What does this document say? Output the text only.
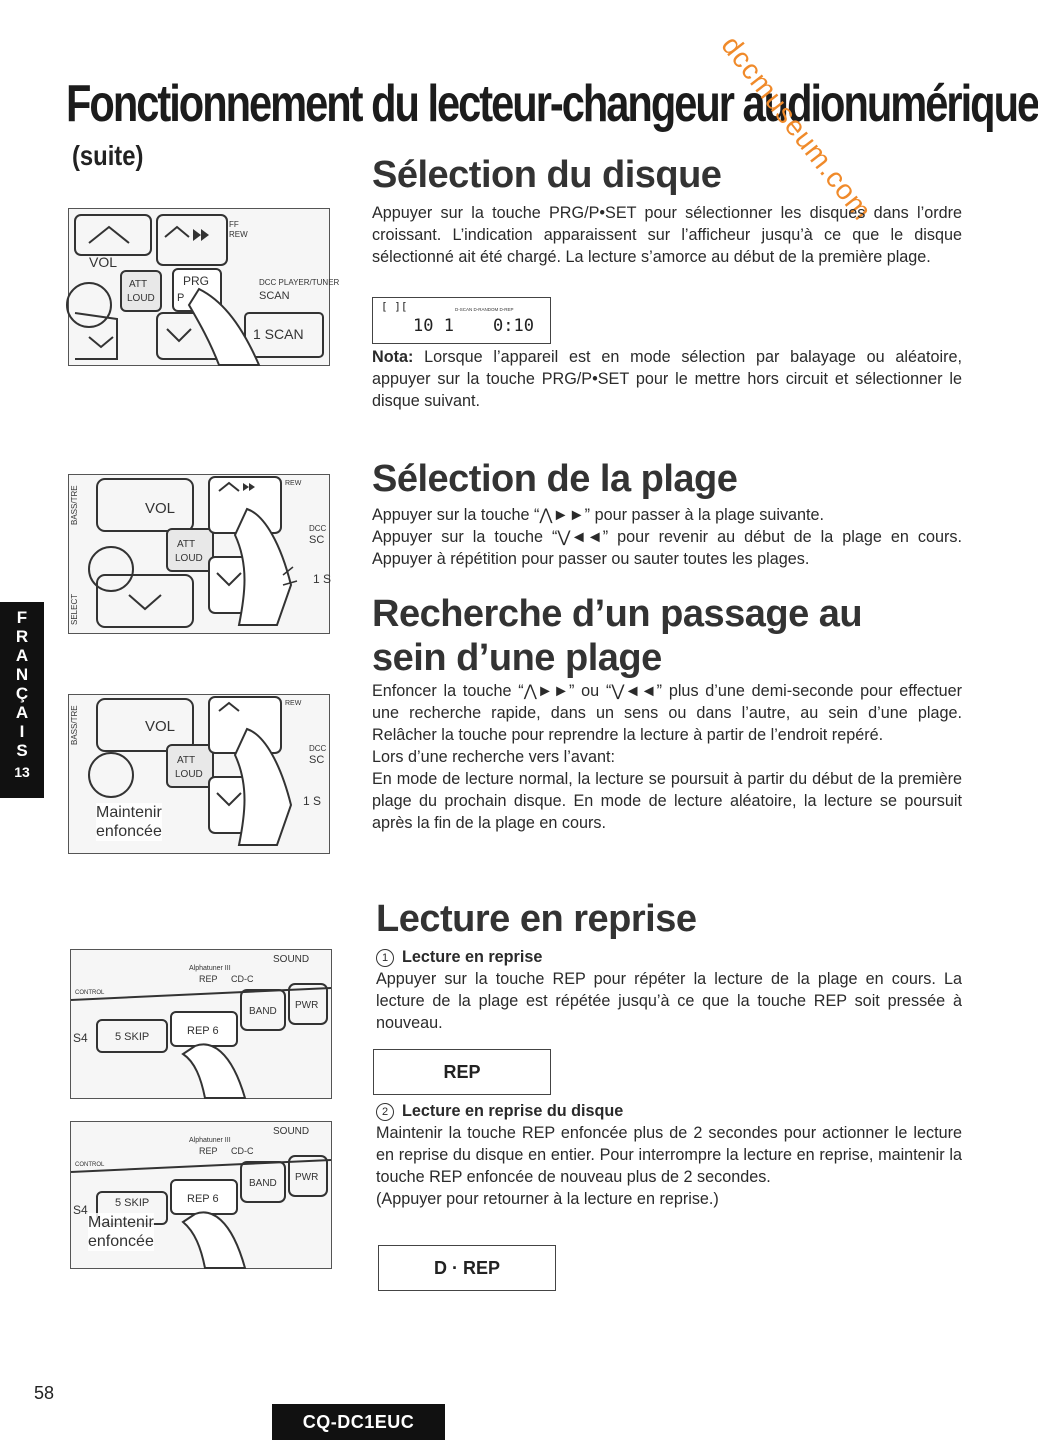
Fonctionnement du lecteur-changeur audionumérique
(suite)	dccmuseum.com
F
R
A
N
Ç
A
I
S
13
VOL
ATT
LOUD
PRG
P
FF
REW
DCC PLAYER/TUNER
SCAN
1 SCAN
Sélection du disque
Appuyer sur la touche PRG/P•SET pour sélectionner les disques dans l’ordre croissant. L’indication apparaissent sur l’afficheur jusqu’à ce que le disque sélectionné ait été chargé. La lecture s’amorce au début de la première plage.
[ ][	D-SCAN D-RANDOM D-REP
10 1 0:10
Nota: Lorsque l’appareil est en mode sélection par balayage ou aléatoire, appuyer sur la touche PRG/P•SET pour le mettre hors circuit et sélectionner le disque suivant.
BASS/TRE
SELECT
VOL
ATT
LOUD
REW
DCC
SC
1 S
Sélection de la plage
Appuyer sur la touche “⋀►►” pour passer à la plage suivante.
Appuyer sur la touche “⋁◄◄” pour revenir au début de la plage en cours. Appuyer à répétition pour passer ou sauter toutes les plages.
Recherche d’un passage au
sein d’une plage
Enfoncer la touche “⋀►►” ou “⋁◄◄” plus d’une demi-seconde pour effectuer une recherche rapide, dans un sens ou dans l’autre, au sein d’une plage. Relâcher la touche pour reprendre la lecture à partir de l’endroit repéré.
Lors d’une recherche vers l’avant:
En mode de lecture normal, la lecture se poursuit à partir du début de la première plage du prochain disque. En mode de lecture aléatoire, la lecture se poursuit après la fin de la plage en cours.
BASS/TRE	VOL
ATT
LOUD
REW
DCC
SC
1 S
Maintenir
enfoncée
Lecture en reprise
1 Lecture en reprise
Appuyer sur la touche REP pour répéter la lecture de la plage en cours. La lecture de la plage est répétée jusqu’à ce que la touche REP soit pressée à nouveau.
REP
2 Lecture en reprise du disque
Maintenir la touche REP enfoncée plus de 2 secondes pour actionner le lecture en reprise du disque en entier. Pour interrompre la lecture en reprise, maintenir la touche REP enfoncée de nouveau plus de 2 secondes.
(Appuyer pour retourner à la lecture en reprise.)
D · REP
SOUND
Alphatuner III
REP CD-C
CONTROL
S4 5 SKIP	REP 6
BAND
PWR
SOUND
Alphatuner III
REP CD-C
CONTROL
S4 5 SKIP	REP 6
BAND
PWR
Maintenir
enfoncée
58
CQ-DC1EUC
